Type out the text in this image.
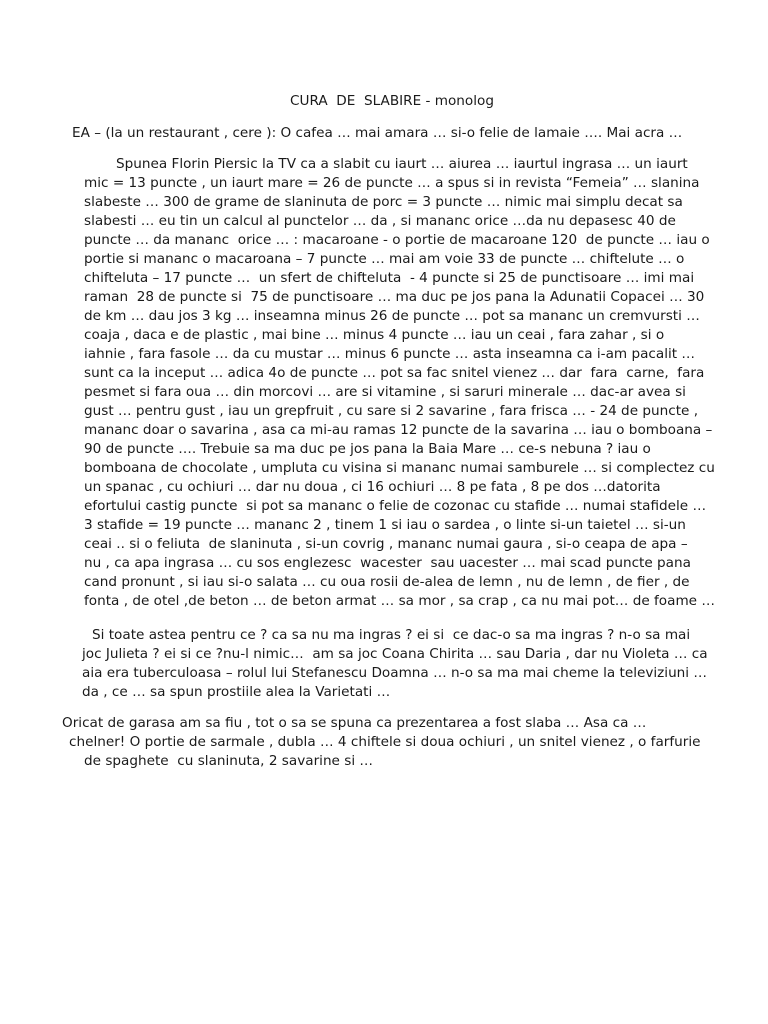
CURA  DE  SLABIRE - monolog
EA – (la un restaurant , cere ): O cafea … mai amara … si-o felie de lamaie …. Mai acra …
Spunea Florin Piersic la TV ca a slabit cu iaurt … aiurea … iaurtul ingrasa … un iaurt
mic = 13 puncte , un iaurt mare = 26 de puncte … a spus si in revista “Femeia” … slanina
slabeste … 300 de grame de slaninuta de porc = 3 puncte … nimic mai simplu decat sa
slabesti … eu tin un calcul al punctelor … da , si mananc orice …da nu depasesc 40 de
puncte … da mananc  orice … : macaroane - o portie de macaroane 120  de puncte … iau o
portie si mananc o macaroana – 7 puncte … mai am voie 33 de puncte … chiftelute … o
chifteluta – 17 puncte …  un sfert de chifteluta  - 4 puncte si 25 de punctisoare … imi mai
raman  28 de puncte si  75 de punctisoare … ma duc pe jos pana la Adunatii Copacei … 30
de km … dau jos 3 kg … inseamna minus 26 de puncte … pot sa mananc un cremvursti …
coaja , daca e de plastic , mai bine … minus 4 puncte … iau un ceai , fara zahar , si o
iahnie , fara fasole … da cu mustar … minus 6 puncte … asta inseamna ca i-am pacalit …
sunt ca la inceput … adica 4o de puncte … pot sa fac snitel vienez … dar  fara  carne,  fara
pesmet si fara oua … din morcovi … are si vitamine , si saruri minerale … dac-ar avea si
gust … pentru gust , iau un grepfruit , cu sare si 2 savarine , fara frisca … - 24 de puncte ,
mananc doar o savarina , asa ca mi-au ramas 12 puncte de la savarina … iau o bomboana –
90 de puncte …. Trebuie sa ma duc pe jos pana la Baia Mare … ce-s nebuna ? iau o
bomboana de chocolate , umpluta cu visina si mananc numai samburele … si complectez cu
un spanac , cu ochiuri … dar nu doua , ci 16 ochiuri … 8 pe fata , 8 pe dos …datorita
efortului castig puncte  si pot sa mananc o felie de cozonac cu stafide … numai stafidele …
3 stafide = 19 puncte … mananc 2 , tinem 1 si iau o sardea , o linte si-un taietel … si-un
ceai .. si o feliuta  de slaninuta , si-un covrig , mananc numai gaura , si-o ceapa de apa –
nu , ca apa ingrasa … cu sos englezesc  wacester  sau uacester … mai scad puncte pana
cand pronunt , si iau si-o salata … cu oua rosii de-alea de lemn , nu de lemn , de fier , de
fonta , de otel ,de beton … de beton armat … sa mor , sa crap , ca nu mai pot… de foame …
Si toate astea pentru ce ? ca sa nu ma ingras ? ei si  ce dac-o sa ma ingras ? n-o sa mai
joc Julieta ? ei si ce ?nu-l nimic…  am sa joc Coana Chirita … sau Daria , dar nu Violeta … ca
aia era tuberculoasa – rolul lui Stefanescu Doamna … n-o sa ma mai cheme la televiziuni …
da , ce … sa spun prostiile alea la Varietati …
Oricat de garasa am sa fiu , tot o sa se spuna ca prezentarea a fost slaba … Asa ca …
chelner! O portie de sarmale , dubla … 4 chiftele si doua ochiuri , un snitel vienez , o farfurie
de spaghete  cu slaninuta, 2 savarine si …
